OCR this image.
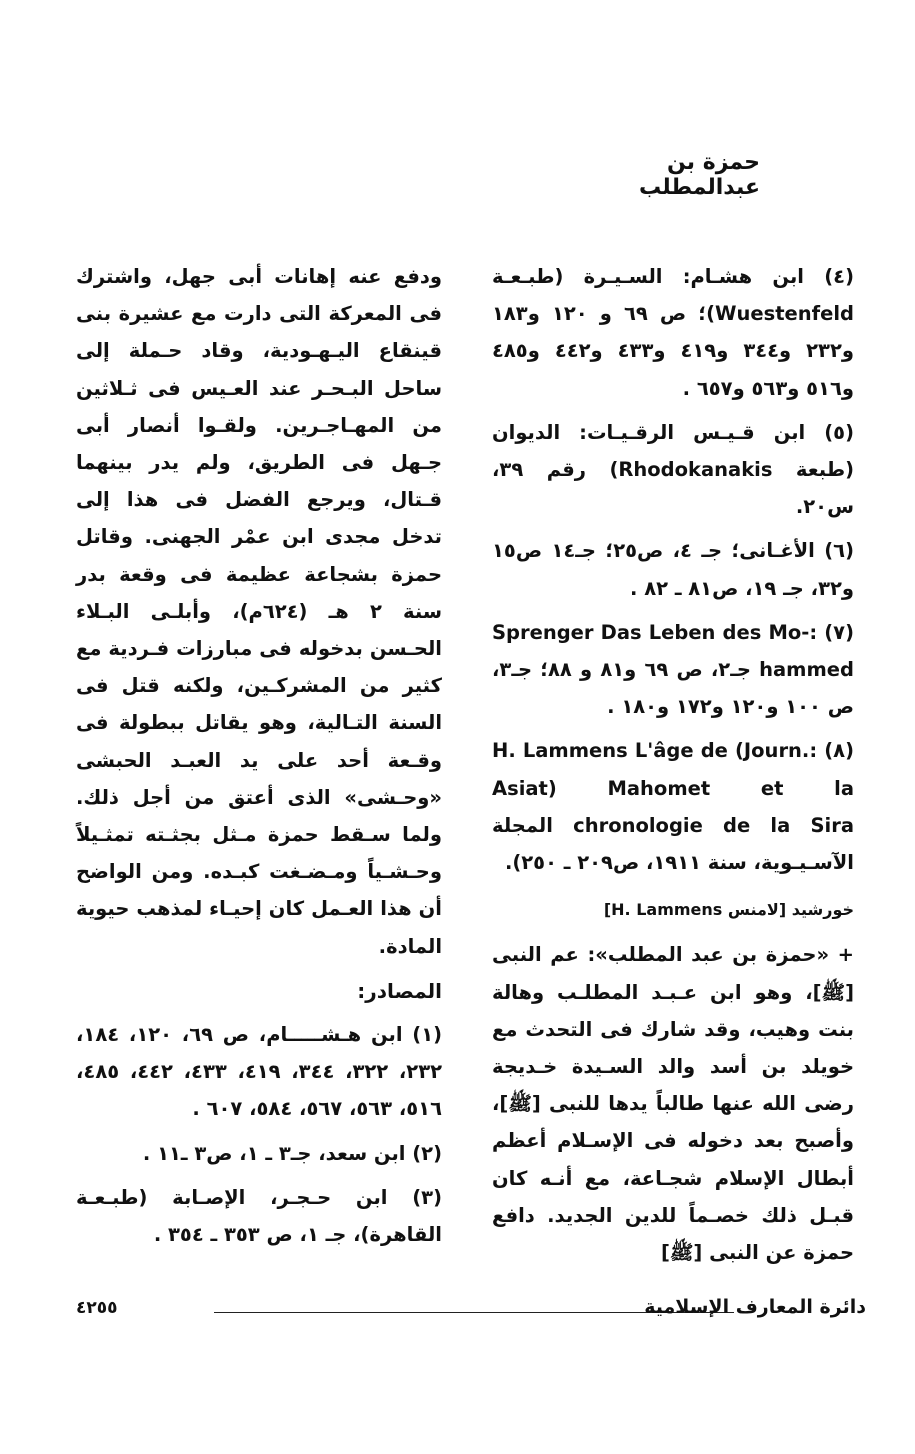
حمزة بن عبدالمطلب

(٤) ابن هشـام: السـيـرة (طبـعـة Wuestenfeld)؛ ص ٦٩ و ١٢٠ و١٨٣ و٢٣٢ و٣٤٤ و٤١٩ و٤٣٣ و٤٤٢ و٤٨٥ و٥١٦ و٥٦٣ و٦٥٧ .

(٥) ابن قـيـس الرقـيـات: الديوان (طبعة Rhodokanakis) رقم ٣٩، س٢٠.

(٦) الأغـانى؛ جـ ٤، ص٢٥؛ جـ١٤ ص١٥ و٣٢، جـ ١٩، ص٨١ ـ ٨٢ .

(٧) :Sprenger Das Leben des Mo- hammed جـ٢، ص ٦٩ و٨١ و ٨٨؛ جـ٣، ص ١٠٠ و١٢٠ و١٧٢ و١٨٠ .

(٨) :H. Lammens L'âge de (Journ. Asiat) Mahomet et la chronologie de la Sira المجلة الآسـيـوية، سنة ١٩١١، ص٢٠٩ ـ ٢٥٠).

خورشيد [لامنس H. Lammens]

+ «حمزة بن عبد المطلب»: عم النبى [ﷺ]، وهو ابن عـبـد المطلـب وهالة بنت وهيب، وقد شارك فى التحدث مع خويلد بن أسد والد السـيدة خـديجة رضى الله عنها طالباً يدها للنبى [ﷺ]، وأصبح بعد دخوله فى الإسـلام أعظم أبطال الإسلام شجـاعة، مع أنـه كان قبـل ذلك خصـماً للدين الجديد. دافع حمزة عن النبى [ﷺ]

ودفع عنه إهانات أبى جهل، واشترك فى المعركة التى دارت مع عشيرة بنى قينقاع اليـهـودية، وقاد حـملة إلى ساحل البـحـر عند العـيس فى ثـلاثين من المهـاجـرين. ولقـوا أنصار أبى جـهل فى الطريق، ولم يدر بينهما قـتال، ويرجع الفضل فى هذا إلى تدخل مجدى ابن عمْر الجهنى. وقاتل حمزة بشجاعة عظيمة فى وقعة بدر سنة ٢ هـ (٦٢٤م)، وأبلـى البـلاء الحـسن بدخوله فى مبارزات فـردية مع كثير من المشركـين، ولكنه قتل فى السنة التـالية، وهو يقاتل ببطولة فى وقـعة أحد على يد العبـد الحبشى «وحـشى» الذى أعتق من أجل ذلك. ولما سـقط حمزة مـثل بجثـته تمثـيلاً وحـشـياً ومـضـغت كبـده. ومن الواضح أن هذا العـمل كان إحيـاء لمذهب حيوية المادة.

المصادر:

(١) ابن هـشـــــام، ص ٦٩، ١٢٠، ١٨٤، ٢٣٢، ٣٢٢، ٣٤٤، ٤١٩، ٤٣٣، ٤٤٢، ٤٨٥، ٥١٦، ٥٦٣، ٥٦٧، ٥٨٤، ٦٠٧ .

(٢) ابن سعد، جـ٣ ـ ١، ص٣ ـ١١ .

(٣) ابن حـجـر، الإصـابة (طبـعـة القاهرة)، جـ ١، ص ٣٥٣ ـ ٣٥٤ .

٤٢٥٥	دائرة المعارف الإسلامية
